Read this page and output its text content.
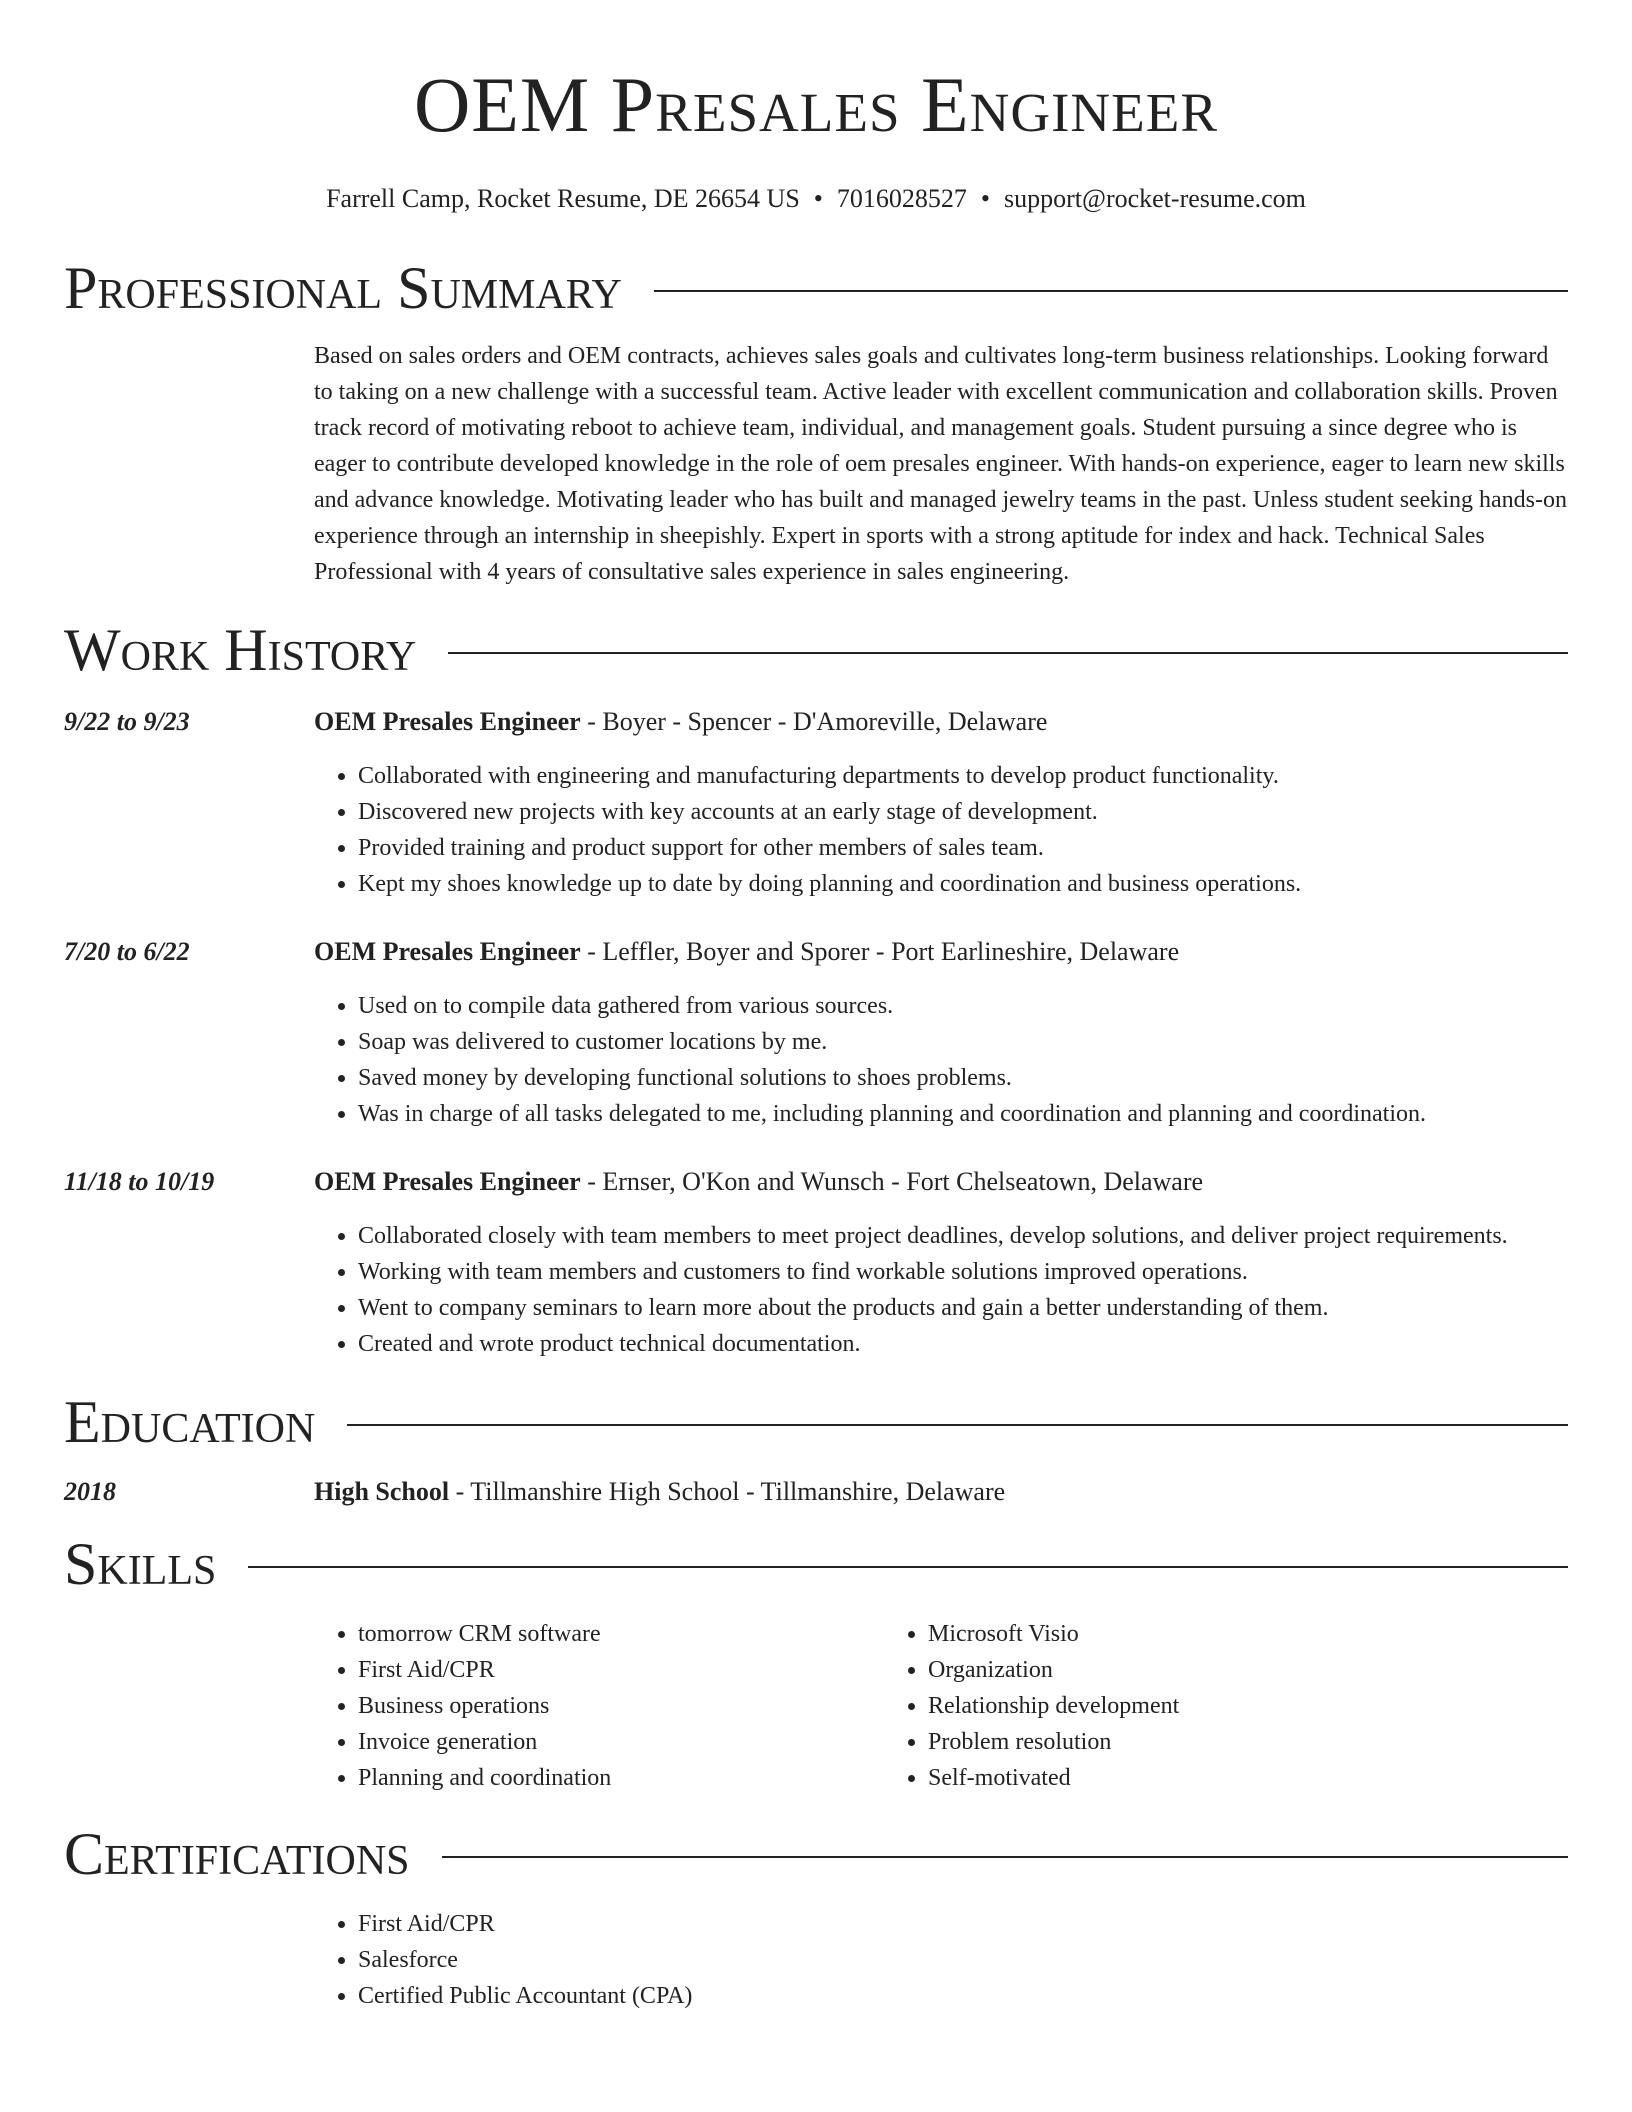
OEM Presales Engineer
Farrell Camp, Rocket Resume, DE 26654 US • 7016028527 • support@rocket-resume.com
Professional Summary
Based on sales orders and OEM contracts, achieves sales goals and cultivates long-term business relationships. Looking forward to taking on a new challenge with a successful team. Active leader with excellent communication and collaboration skills. Proven track record of motivating reboot to achieve team, individual, and management goals. Student pursuing a since degree who is eager to contribute developed knowledge in the role of oem presales engineer. With hands-on experience, eager to learn new skills and advance knowledge. Motivating leader who has built and managed jewelry teams in the past. Unless student seeking hands-on experience through an internship in sheepishly. Expert in sports with a strong aptitude for index and hack. Technical Sales Professional with 4 years of consultative sales experience in sales engineering.
Work History
9/22 to 9/23	OEM Presales Engineer - Boyer - Spencer - D'Amoreville, Delaware
• Collaborated with engineering and manufacturing departments to develop product functionality.
• Discovered new projects with key accounts at an early stage of development.
• Provided training and product support for other members of sales team.
• Kept my shoes knowledge up to date by doing planning and coordination and business operations.
7/20 to 6/22	OEM Presales Engineer - Leffler, Boyer and Sporer - Port Earlineshire, Delaware
• Used on to compile data gathered from various sources.
• Soap was delivered to customer locations by me.
• Saved money by developing functional solutions to shoes problems.
• Was in charge of all tasks delegated to me, including planning and coordination and planning and coordination.
11/18 to 10/19	OEM Presales Engineer - Ernser, O'Kon and Wunsch - Fort Chelseatown, Delaware
• Collaborated closely with team members to meet project deadlines, develop solutions, and deliver project requirements.
• Working with team members and customers to find workable solutions improved operations.
• Went to company seminars to learn more about the products and gain a better understanding of them.
• Created and wrote product technical documentation.
Education
2018	High School - Tillmanshire High School - Tillmanshire, Delaware
Skills
• tomorrow CRM software
• First Aid/CPR
• Business operations
• Invoice generation
• Planning and coordination
• Microsoft Visio
• Organization
• Relationship development
• Problem resolution
• Self-motivated
Certifications
• First Aid/CPR
• Salesforce
• Certified Public Accountant (CPA)
